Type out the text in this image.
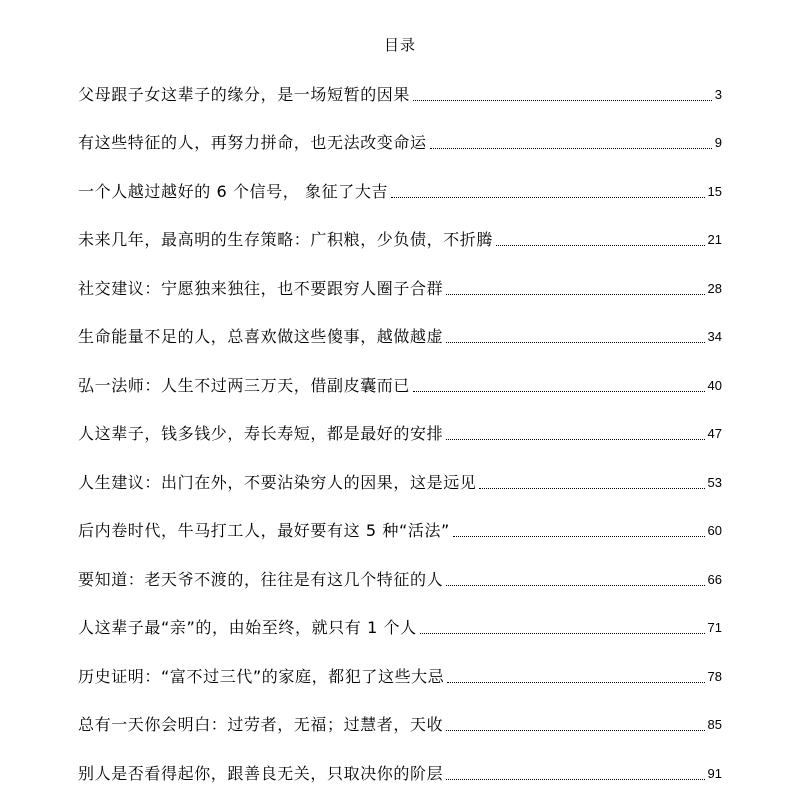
目录
父母跟子女这辈子的缘分，是一场短暂的因果	3
有这些特征的人，再努力拼命，也无法改变命运	9
一个人越过越好的 6 个信号， 象征了大吉	15
未来几年，最高明的生存策略：广积粮，少负债，不折腾	21
社交建议：宁愿独来独往，也不要跟穷人圈子合群	28
生命能量不足的人，总喜欢做这些傻事，越做越虚	34
弘一法师：人生不过两三万天，借副皮囊而已	40
人这辈子，钱多钱少，寿长寿短，都是最好的安排	47
人生建议：出门在外，不要沾染穷人的因果，这是远见	53
后内卷时代，牛马打工人，最好要有这 5 种“活法”	60
要知道：老天爷不渡的，往往是有这几个特征的人	66
人这辈子最“亲”的，由始至终，就只有 1 个人	71
历史证明：“富不过三代”的家庭，都犯了这些大忌	78
总有一天你会明白：过劳者，无福；过慧者，天收	85
别人是否看得起你，跟善良无关，只取决你的阶层	91
